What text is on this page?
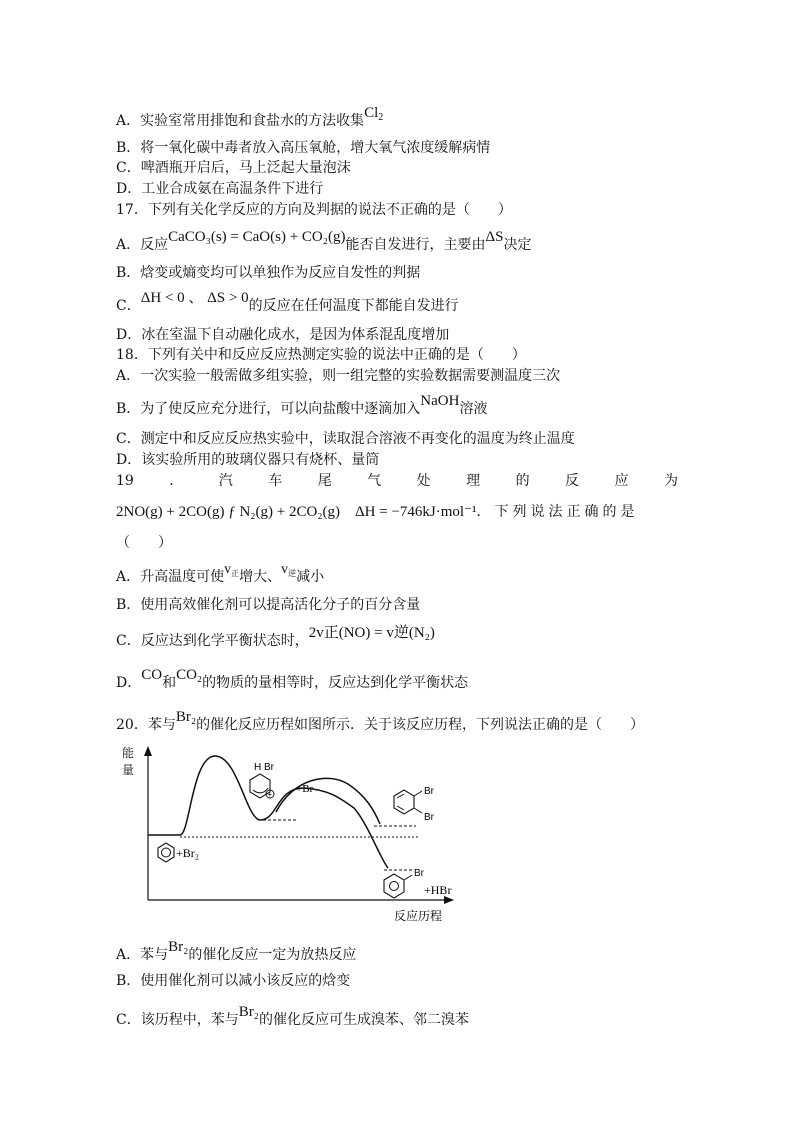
A．实验室常用排饱和食盐水的方法收集$Cl_2$
B．将一氧化碳中毒者放入高压氧舱，增大氧气浓度缓解病情
C．啤酒瓶开启后，马上泛起大量泡沫
D．工业合成氨在高温条件下进行
17．下列有关化学反应的方向及判据的说法不正确的是（　　）
A．反应CaCO₃(s) = CaO(s) + CO₂(g)能否自发进行，主要由ΔS决定
B．焓变或熵变均可以单独作为反应自发性的判据
C．ΔH < 0 、 ΔS > 0的反应在任何温度下都能自发进行
D．冰在室温下自动融化成水，是因为体系混乱度增加
18．下列有关中和反应反应热测定实验的说法中正确的是（　　）
A．一次实验一般需做多组实验，则一组完整的实验数据需要测温度三次
B．为了使反应充分进行，可以向盐酸中逐滴加入NaOH溶液
C．测定中和反应反应热实验中，读取混合溶液不再变化的温度为终止温度
D．该实验所用的玻璃仪器只有烧杯、量筒
19	．	汽	车	尾	气	处	理	的	反	应	为
2NO(g) + 2CO(g) ƒ N₂(g) + 2CO₂(g)　ΔH = −746kJ·mol⁻¹．下列说法正确的是
（　　）
A．升高温度可使$v_正$增大、$v_逆$减小
B．使用高效催化剂可以提高活化分子的百分含量
C．反应达到化学平衡状态时，2v正(NO) = v逆(N₂)
D．CO和CO₂的物质的量相等时，反应达到化学平衡状态
20．苯与Br₂的催化反应历程如图所示．关于该反应历程，下列说法正确的是（　　）
能
量
反应历程
+Br₂
H Br
+ +Br	Br
Br
Br
+HBr
A．苯与Br₂的催化反应一定为放热反应
B．使用催化剂可以减小该反应的焓变
C．该历程中，苯与Br₂的催化反应可生成溴苯、邻二溴苯
